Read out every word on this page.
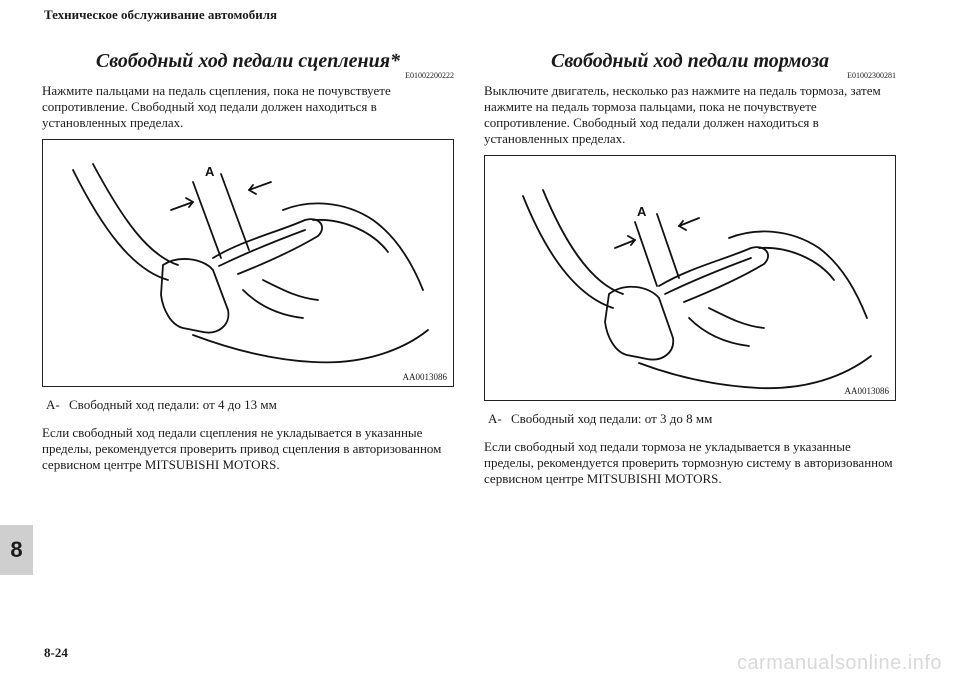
Техническое обслуживание автомобиля
Свободный ход педали сцепления*
E01002200222

Нажмите пальцами на педаль сцепления, пока не почувствуете сопротивление. Свободный ход педали должен находиться в установленных пределах.

A
AA0013086
A- Свободный ход педали: от 4 до 13 мм

Если свободный ход педали сцепления не укладывается в указанные пределы, рекомендуется проверить привод сцепления в авторизованном сервисном центре MITSUBISHI MOTORS.

Свободный ход педали тормоза
E01002300281

Выключите двигатель, несколько раз нажмите на педаль тормоза, затем нажмите на педаль тормоза пальцами, пока не почувствуете сопротивление. Свободный ход педали должен находиться в установленных пределах.

A
AA0013086
A- Свободный ход педали: от 3 до 8 мм

Если свободный ход педали тормоза не укладывается в указанные пределы, рекомендуется проверить тормозную систему в авторизованном сервисном центре MITSUBISHI MOTORS.

8
8-24	carmanualsonline.info
